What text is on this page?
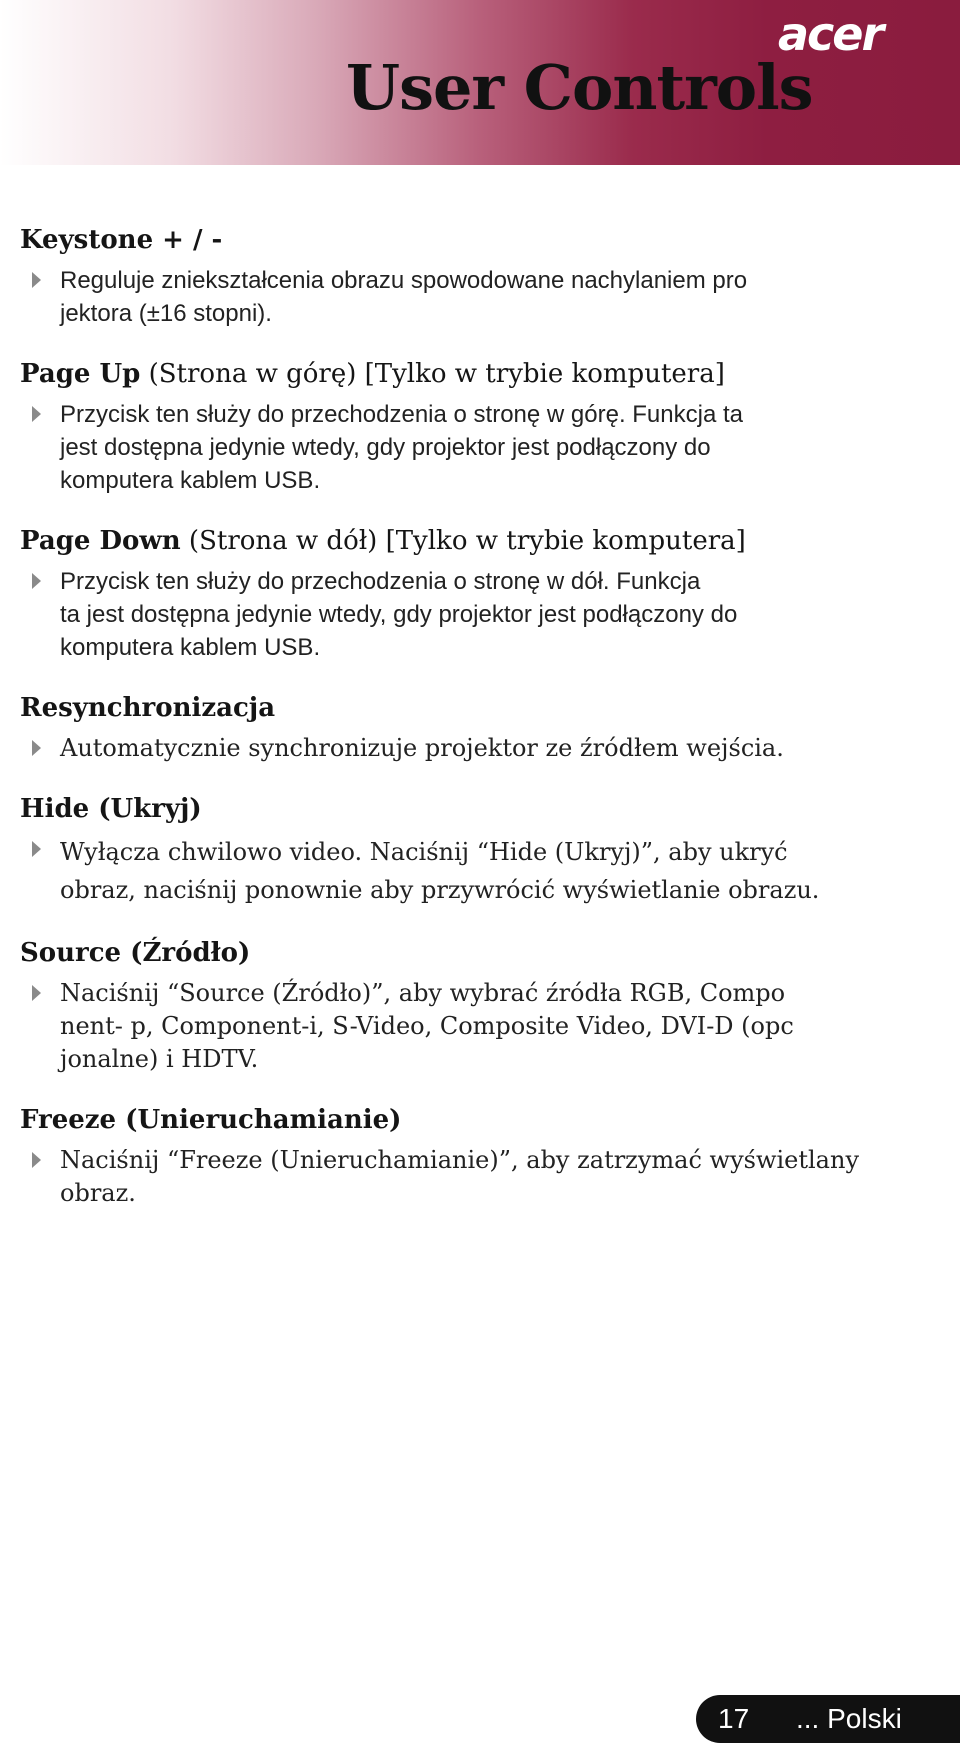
acer
User Controls
Keystone + / -
Reguluje zniekształcenia obrazu spowodowane nachylaniem pro
jektora (±16 stopni).
Page Up (Strona w górę) [Tylko w trybie komputera]
Przycisk ten służy do przechodzenia o stronę w górę. Funkcja ta
jest dostępna jedynie wtedy, gdy projektor jest podłączony do
komputera kablem USB.
Page Down (Strona w dół) [Tylko w trybie komputera]
Przycisk ten służy do przechodzenia o stronę w dół. Funkcja
ta jest dostępna jedynie wtedy, gdy projektor jest podłączony do
komputera kablem USB.
Resynchronizacja
Automatycznie synchronizuje projektor ze źródłem wejścia.
Hide (Ukryj)
Wyłącza chwilowo video. Naciśnij “Hide (Ukryj)”, aby ukryć
obraz, naciśnij ponownie aby przywrócić wyświetlanie obrazu.
Source (Źródło)
Naciśnij “Source (Źródło)”, aby wybrać źródła RGB, Compo
nent- p, Component-i, S-Video, Composite Video, DVI-D (opc
jonalne) i HDTV.
Freeze (Unieruchamianie)
Naciśnij “Freeze (Unieruchamianie)”, aby zatrzymać wyświetlany
obraz.
17 ... Polski
